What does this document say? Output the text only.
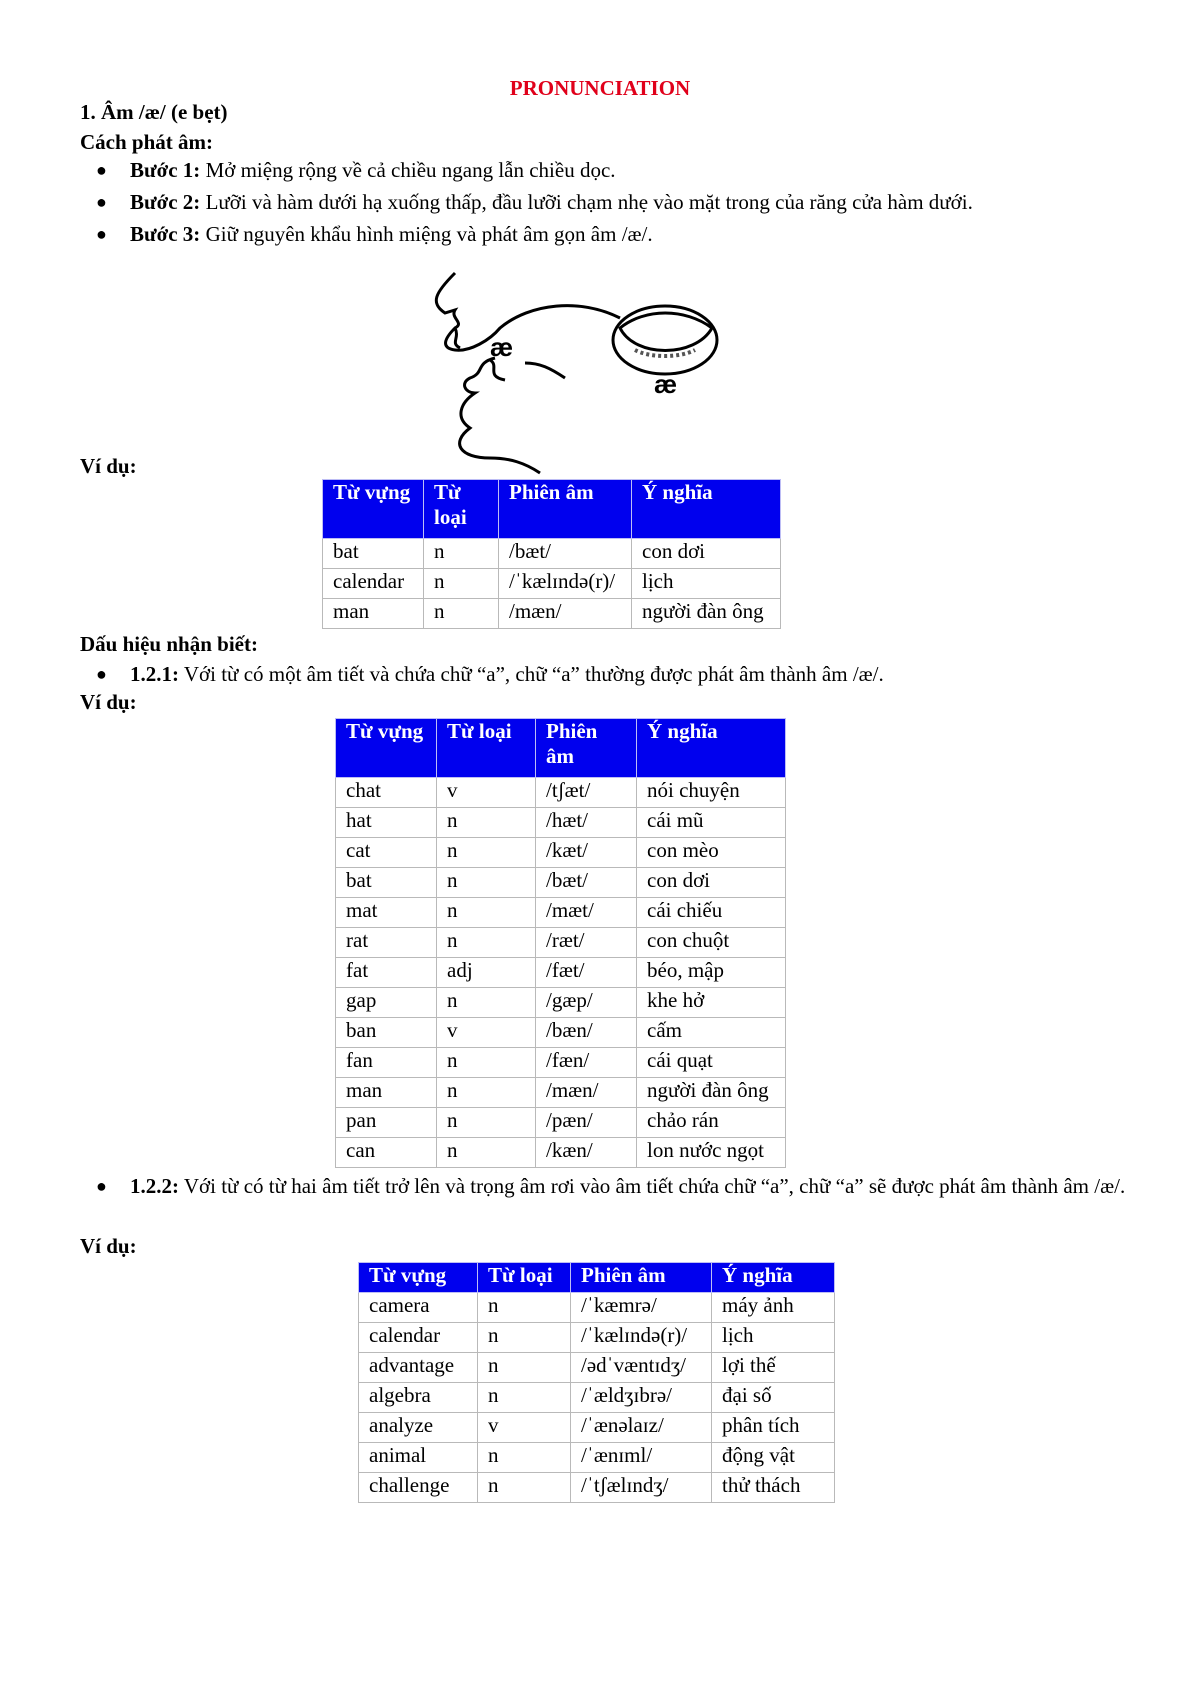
PRONUNCIATION
1. Âm /æ/ (e bẹt)
Cách phát âm:
● Bước 1: Mở miệng rộng về cả chiều ngang lẫn chiều dọc.
● Bước 2: Lưỡi và hàm dưới hạ xuống thấp, đầu lưỡi chạm nhẹ vào mặt trong của răng cửa hàm dưới.
● Bước 3: Giữ nguyên khẩu hình miệng và phát âm gọn âm /æ/.
æ
æ
Ví dụ:
Từ vựng	Từ loại	Phiên âm	Ý nghĩa
bat	n	/bæt/	con dơi
calendar	n	/ˈkælɪndə(r)/	lịch
man	n	/mæn/	người đàn ông
Dấu hiệu nhận biết:
● 1.2.1: Với từ có một âm tiết và chứa chữ “a”, chữ “a” thường được phát âm thành âm /æ/.
Ví dụ:
Từ vựng	Từ loại	Phiên âm	Ý nghĩa
chat	v	/tʃæt/	nói chuyện
hat	n	/hæt/	cái mũ
cat	n	/kæt/	con mèo
bat	n	/bæt/	con dơi
mat	n	/mæt/	cái chiếu
rat	n	/ræt/	con chuột
fat	adj	/fæt/	béo, mập
gap	n	/gæp/	khe hở
ban	v	/bæn/	cấm
fan	n	/fæn/	cái quạt
man	n	/mæn/	người đàn ông
pan	n	/pæn/	chảo rán
can	n	/kæn/	lon nước ngọt
● 1.2.2: Với từ có từ hai âm tiết trở lên và trọng âm rơi vào âm tiết chứa chữ “a”, chữ “a” sẽ được phát âm thành âm /æ/.
Ví dụ:
Từ vựng	Từ loại	Phiên âm	Ý nghĩa
camera	n	/ˈkæmrə/	máy ảnh
calendar	n	/ˈkælɪndə(r)/	lịch
advantage	n	/ədˈvæntɪdʒ/	lợi thế
algebra	n	/ˈældʒɪbrə/	đại số
analyze	v	/ˈænəlaɪz/	phân tích
animal	n	/ˈænɪml/	động vật
challenge	n	/ˈtʃælɪndʒ/	thử thách
